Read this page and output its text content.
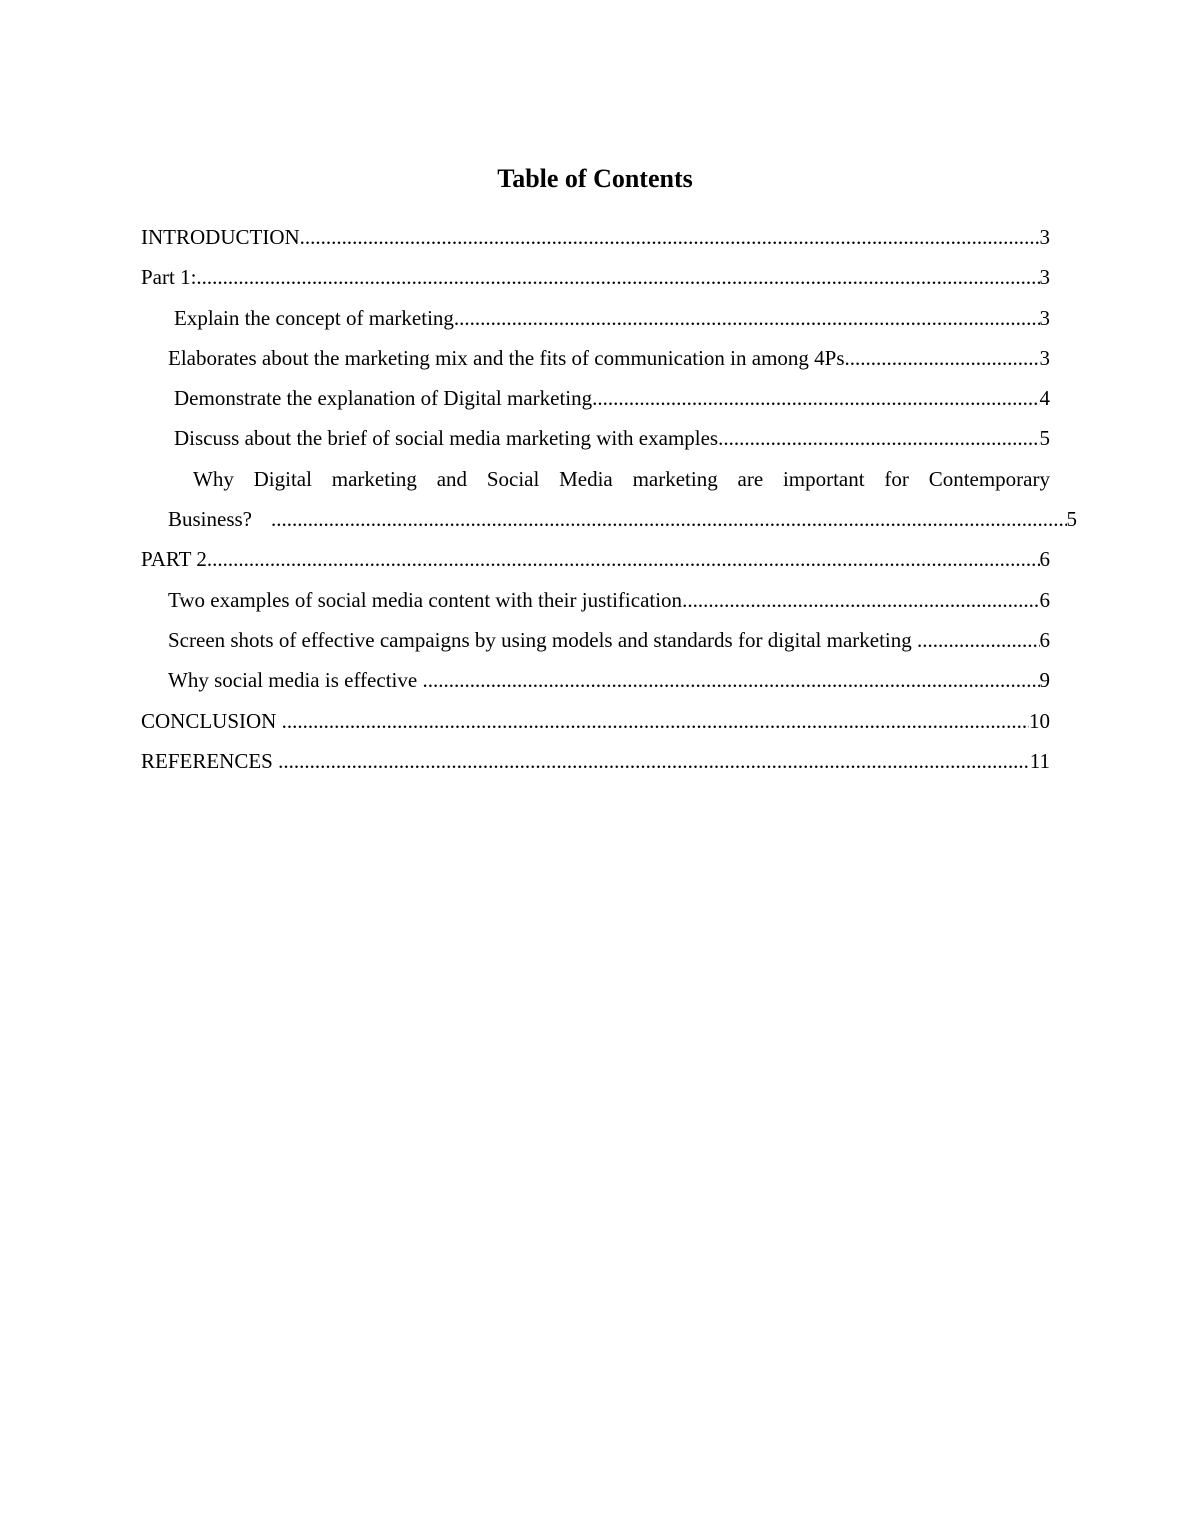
Table of Contents
INTRODUCTION .....	3
Part 1: .....	3
Explain the concept of marketing .....	3
Elaborates about the marketing mix and the fits of communication in among 4Ps .....	3
Demonstrate the explanation of Digital marketing .....	4
Discuss about the brief of social media marketing with examples .....	5
Why Digital marketing and Social Media marketing are important for Contemporary
Business? .....	5
PART 2 .....	6
Two examples of social media content with their justification .....	6
Screen shots of effective campaigns by using models and standards for digital marketing .....	6
Why social media is effective .....	9
CONCLUSION .....	10
REFERENCES .....	11
